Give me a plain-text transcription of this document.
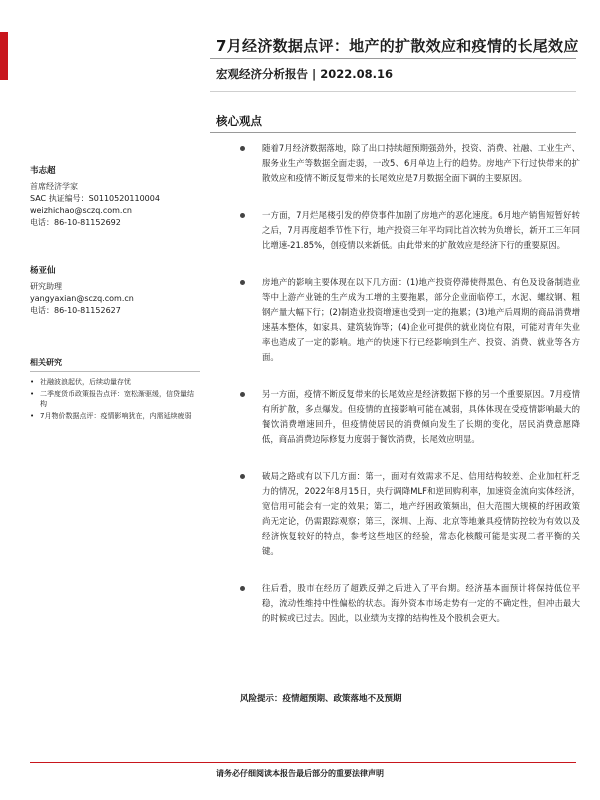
7月经济数据点评：地产的扩散效应和疫情的长尾效应
宏观经济分析报告 | 2022.08.16
核心观点
韦志超
首席经济学家
SAC 执证编号：S0110520110004
weizhichao@sczq.com.cn
电话：86-10-81152692
杨亚仙
研究助理
yangyaxian@sczq.com.cn
电话：86-10-81152627
相关研究
• 社融波浪起伏，后续动量存忧
• 二季度货币政策报告点评：宽松渐驱缓，信贷量结构
• 7月物价数据点评：疫情影响犹在，内需延续疲弱
随着7月经济数据落地，除了出口持续超预期强劲外，投资、消费、社融、工业生产、服务业生产等数据全面走弱，一改5、6月单边上行的趋势。房地产下行过快带来的扩散效应和疫情不断反复带来的长尾效应是7月数据全面下调的主要原因。
一方面，7月烂尾楼引发的停贷事件加剧了房地产的恶化速度。6月地产销售短暂好转之后，7月再度超季节性下行，地产投资三年平均同比首次转为负增长，新开工三年同比增速-21.85%，创疫情以来新低。由此带来的扩散效应是经济下行的重要原因。
房地产的影响主要体现在以下几方面：(1)地产投资停滞使得黑色、有色及设备制造业等中上游产业链的生产成为工增的主要拖累，部分企业面临停工，水泥、螺纹钢、粗钢产量大幅下行；(2)制造业投资增速也受到一定的拖累；(3)地产后周期的商品消费增速基本整体，如家具、建筑装饰等；(4)企业可提供的就业岗位有限，可能对青年失业率也造成了一定的影响。地产的快速下行已经影响到生产、投资、消费、就业等各方面。
另一方面，疫情不断反复带来的长尾效应是经济数据下修的另一个重要原因。7月疫情有所扩散，多点爆发。但疫情的直接影响可能在减弱，具体体现在受疫情影响最大的餐饮消费增速回升，但疫情使居民的消费倾向发生了长期的变化，居民消费意愿降低，商品消费边际修复力度弱于餐饮消费，长尾效应明显。
破局之路或有以下几方面：第一，面对有效需求不足、信用结构较差、企业加杠杆乏力的情况，2022年8月15日，央行调降MLF和逆回购利率，加速资金流向实体经济，宽信用可能会有一定的效果；第二，地产纾困政策频出，但大范围大规模的纾困政策尚无定论，仍需跟踪观察；第三，深圳、上海、北京等地兼具疫情防控较为有效以及经济恢复较好的特点，参考这些地区的经验，常态化核酸可能是实现二者平衡的关键。
往后看，股市在经历了超跌反弹之后进入了平台期。经济基本面预计将保持低位平稳，流动性维持中性偏松的状态。海外资本市场走势有一定的不确定性，但冲击最大的时候或已过去。因此，以业绩为支撑的结构性及个股机会更大。
风险提示：疫情超预期、政策落地不及预期
请务必仔细阅读本报告最后部分的重要法律声明
